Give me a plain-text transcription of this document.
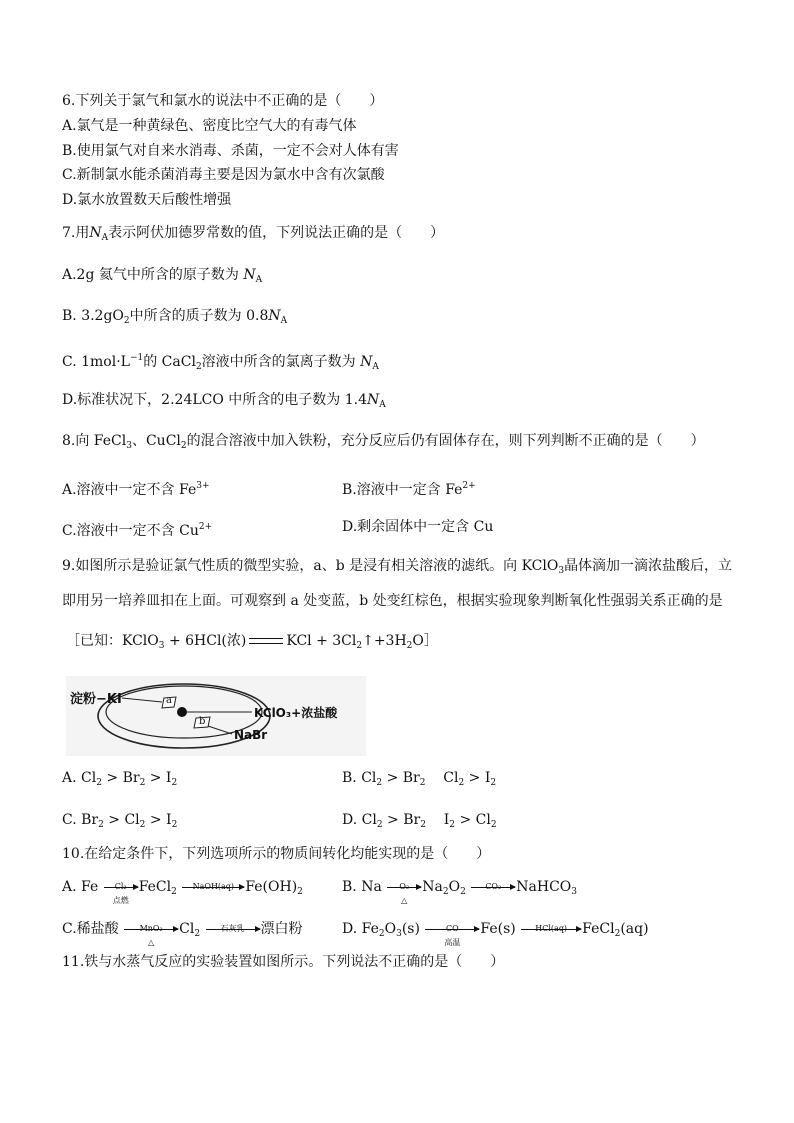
6.下列关于氯气和氯水的说法中不正确的是（　　）
A.氯气是一种黄绿色、密度比空气大的有毒气体
B.使用氯气对自来水消毒、杀菌，一定不会对人体有害
C.新制氯水能杀菌消毒主要是因为氯水中含有次氯酸
D.氯水放置数天后酸性增强
7.用$N_A$表示阿伏加德罗常数的值，下列说法正确的是（　　）
A.2g 氦气中所含的原子数为 $N_A$
B. $3.2gO_2$中所含的质子数为 $0.8N_A$
C. $1mol\cdot L^{-1}$的 CaCl$_2$溶液中所含的氯离子数为 $N_A$
D.标准状况下，2.24LCO 中所含的电子数为 $1.4N_A$
8.向 FeCl$_3$、CuCl$_2$的混合溶液中加入铁粉，充分反应后仍有固体存在，则下列判断不正确的是（　　）
A.溶液中一定不含 $Fe^{3+}$	B.溶液中一定含 $Fe^{2+}$
C.溶液中一定不含 $Cu^{2+}$	D.剩余固体中一定含 Cu
9.如图所示是验证氯气性质的微型实验，a、b 是浸有相关溶液的滤纸。向 KClO$_3$晶体滴加一滴浓盐酸后，立
即用另一培养皿扣在上面。可观察到 a 处变蓝，b 处变红棕色，根据实验现象判断氧化性强弱关系正确的是
［已知：KClO$_3$ + 6HCl(浓)	KCl + $3Cl_2↑+3H_2O]$
淀粉−KI	a
b
KClO₃+浓盐酸
NaBr
A. $Cl_2 > Br_2 > I_2$	B. $Cl_2 > Br_2$    $Cl_2 > I_2$
C. $Br_2 > Cl_2 > I_2$	D. $Cl_2 > Br_2$    $I_2 > Cl_2$
10.在给定条件下，下列选项所示的物质间转化均能实现的是（　　）
A. Fe
点燃
FeCl$_2$	$Fe(OH)_2$	B. Na
△
$Na_2O_2$	NaHCO$_3$
C.稀盐酸
△
$Cl_2$	漂白粉	D. $Fe_2O_3(s)$
高温
Fe(s)	FeCl$_2$(aq)
11.铁与水蒸气反应的实验装置如图所示。下列说法不正确的是（　　）
